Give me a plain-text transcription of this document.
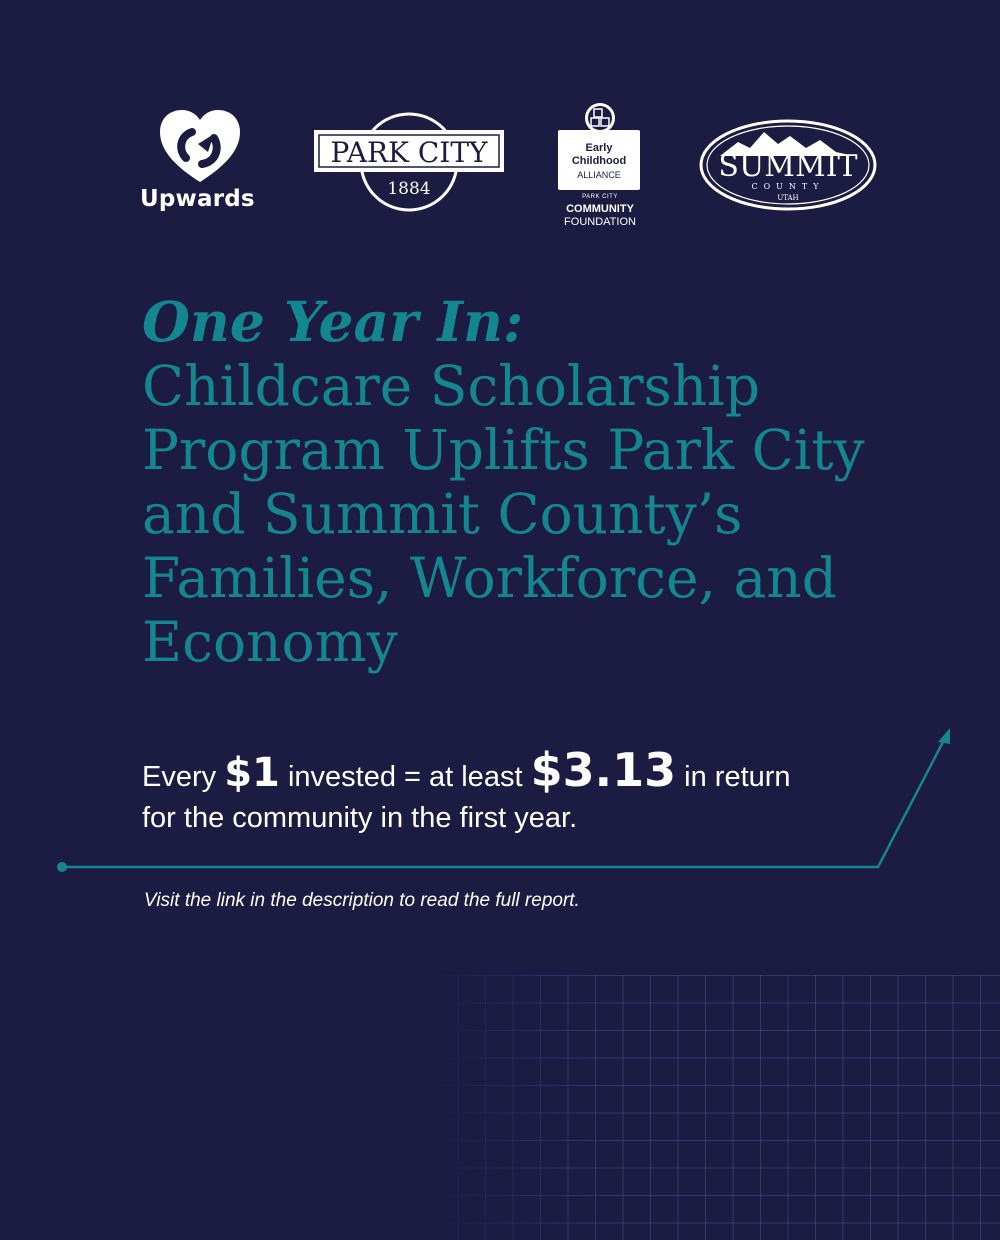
Upwards
PARK CITY
1884
Early
Childhood
ALLIANCE
PARK CITY
COMMUNITY
FOUNDATION
SUMMIT
COUNTY
UTAH
One Year In:
Childcare Scholarship Program Uplifts Park City and Summit County’s Families, Workforce, and Economy
Every $1 invested = at least $3.13 in return
for the community in the first year.
Visit the link in the description to read the full report.
